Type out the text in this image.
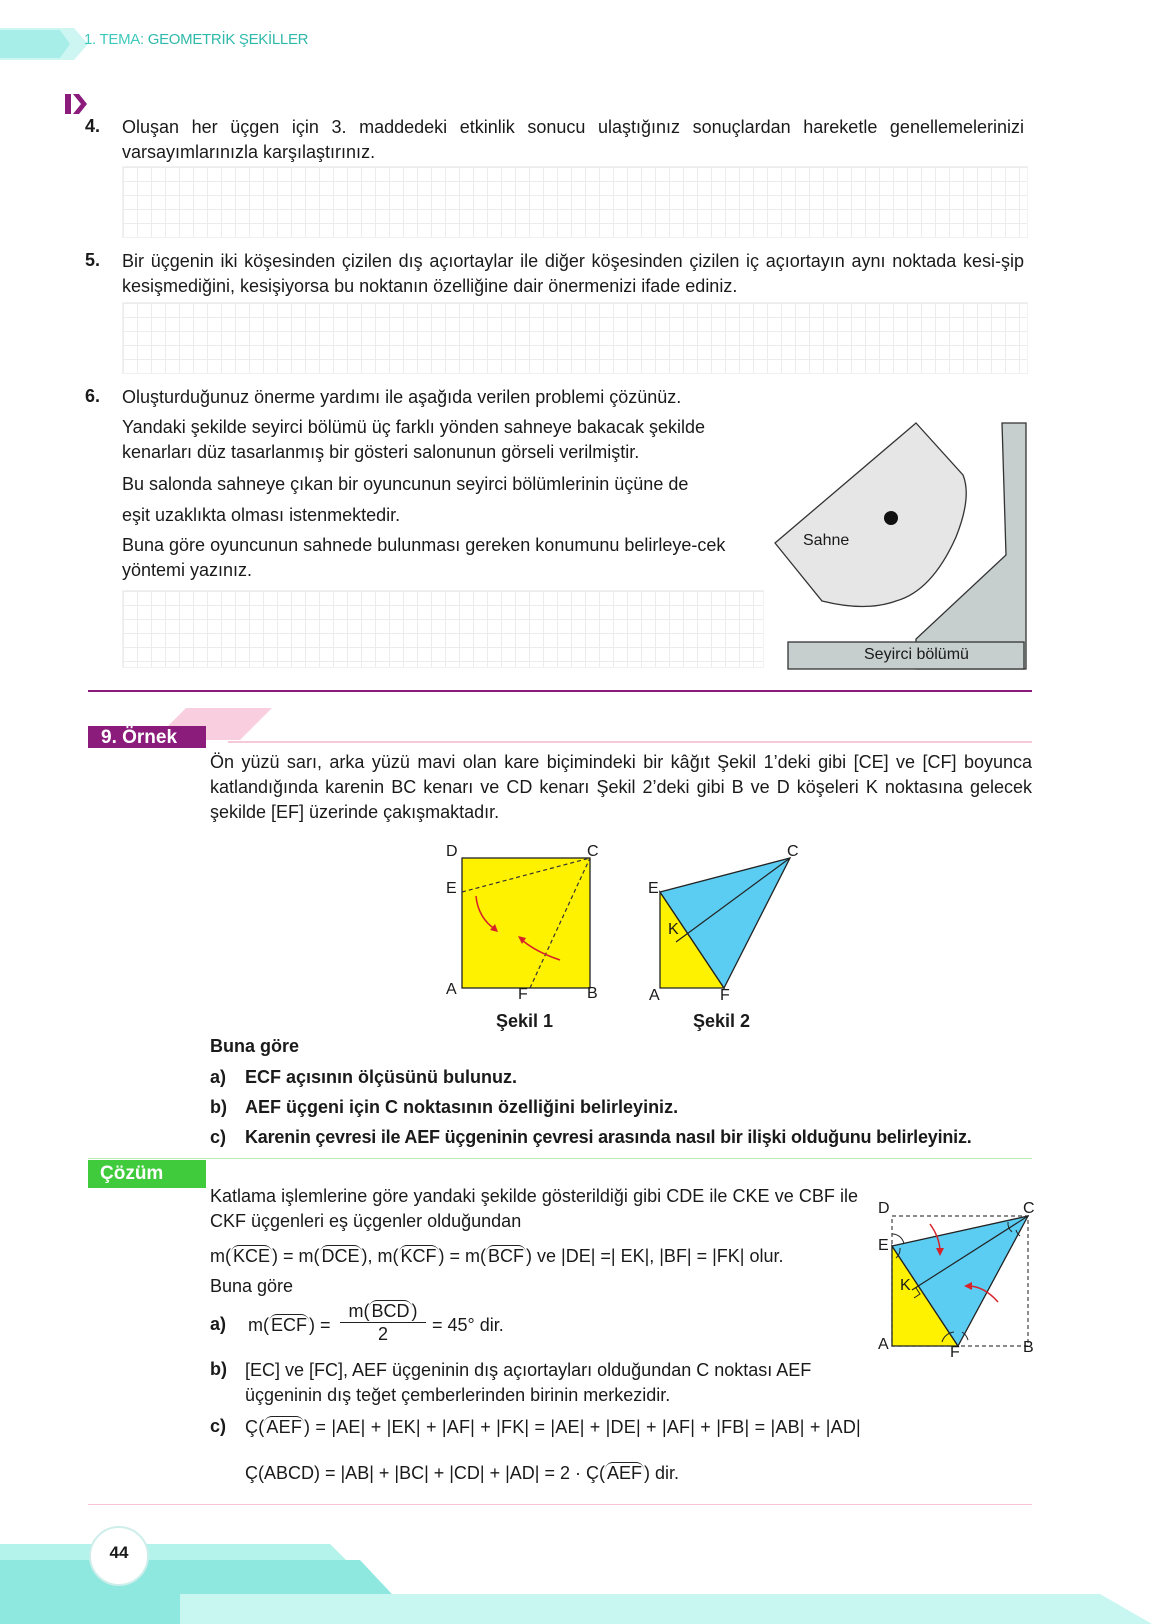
1. TEMA: GEOMETRİK ŞEKİLLER
4. Oluşan her üçgen için 3. maddedeki etkinlik sonucu ulaştığınız sonuçlardan hareketle genellemelerinizi varsayımlarınızla karşılaştırınız.
5. Bir üçgenin iki köşesinden çizilen dış açıortaylar ile diğer köşesinden çizilen iç açıortayın aynı noktada kesi-şip kesişmediğini, kesişiyorsa bu noktanın özelliğine dair önermenizi ifade ediniz.
6. Oluşturduğunuz önerme yardımı ile aşağıda verilen problemi çözünüz.
Yandaki şekilde seyirci bölümü üç farklı yönden sahneye bakacak şekilde kenarları düz tasarlanmış bir gösteri salonunun görseli verilmiştir.
Bu salonda sahneye çıkan bir oyuncunun seyirci bölümlerinin üçüne de
eşit uzaklıkta olması istenmektedir.
Buna göre oyuncunun sahnede bulunması gereken konumunu belirleye-cek yöntemi yazınız.
Sahne
Seyirci bölümü
9. Örnek
Ön yüzü sarı, arka yüzü mavi olan kare biçimindeki bir kâğıt Şekil 1’deki gibi [CE] ve [CF] boyunca katlandığında karenin BC kenarı ve CD kenarı Şekil 2’deki gibi B ve D köşeleri K noktasına gelecek şekilde [EF] üzerinde çakışmaktadır.
D	C
E
A	F	B
Şekil 1
C
E
K
A	F
Şekil 2
Buna göre
a) ECF açısının ölçüsünü bulunuz.
b) AEF üçgeni için C noktasının özelliğini belirleyiniz.
c) Karenin çevresi ile AEF üçgeninin çevresi arasında nasıl bir ilişki olduğunu belirleyiniz.
Çözüm
Katlama işlemlerine göre yandaki şekilde gösterildiği gibi CDE ile CKE ve CBF ile CKF üçgenleri eş üçgenler olduğundan
m( KCE ) = m( DCE ), m( KCF ) = m( BCF ) ve |DE| =| EK|, |BF| = |FK| olur.
Buna göre
a) m( ECF ) =
m( BCD )
2	= 45° dir.
b) [EC] ve [FC], AEF üçgeninin dış açıortayları olduğundan C noktası AEF üçgeninin dış teğet çemberlerinden birinin merkezidir.
c) Ç( AEF ) = |AE| + |EK| + |AF| + |FK| = |AE| + |DE| + |AF| + |FB| = |AB| + |AD|
Ç(ABCD) = |AB| + |BC| + |CD| + |AD| = 2 · Ç( AEF ) dir.
D	C
E
K
A	F	B
44
